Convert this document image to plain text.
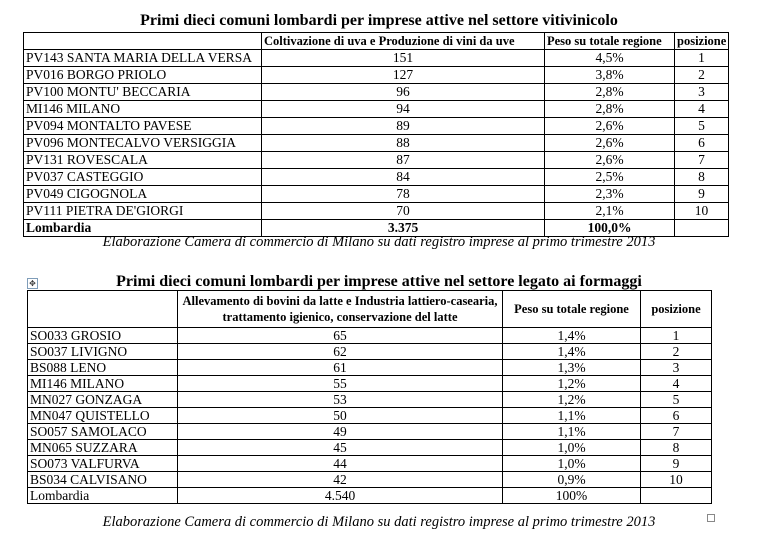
Primi dieci comuni lombardi per imprese attive nel settore vitivinicolo
	Coltivazione di uva e Produzione di vini da uve	Peso su totale regione	posizione
PV143 SANTA MARIA DELLA VERSA	151	4,5%	1
PV016 BORGO PRIOLO	127	3,8%	2
PV100 MONTU' BECCARIA	96	2,8%	3
MI146 MILANO	94	2,8%	4
PV094 MONTALTO PAVESE	89	2,6%	5
PV096 MONTECALVO VERSIGGIA	88	2,6%	6
PV131 ROVESCALA	87	2,6%	7
PV037 CASTEGGIO	84	2,5%	8
PV049 CIGOGNOLA	78	2,3%	9
PV111 PIETRA DE'GIORGI	70	2,1%	10
Lombardia	3.375	100,0%	
Elaborazione Camera di commercio di Milano su dati registro imprese al primo trimestre 2013
✥	Primi dieci comuni lombardi per imprese attive nel settore legato ai formaggi
	Allevamento di bovini da latte e Industria lattiero-casearia, trattamento igienico, conservazione del latte	Peso su totale regione	posizione
SO033 GROSIO	65	1,4%	1
SO037 LIVIGNO	62	1,4%	2
BS088 LENO	61	1,3%	3
MI146 MILANO	55	1,2%	4
MN027 GONZAGA	53	1,2%	5
MN047 QUISTELLO	50	1,1%	6
SO057 SAMOLACO	49	1,1%	7
MN065 SUZZARA	45	1,0%	8
SO073 VALFURVA	44	1,0%	9
BS034 CALVISANO	42	0,9%	10
Lombardia	4.540	100%	
Elaborazione Camera di commercio di Milano su dati registro imprese al primo trimestre 2013
